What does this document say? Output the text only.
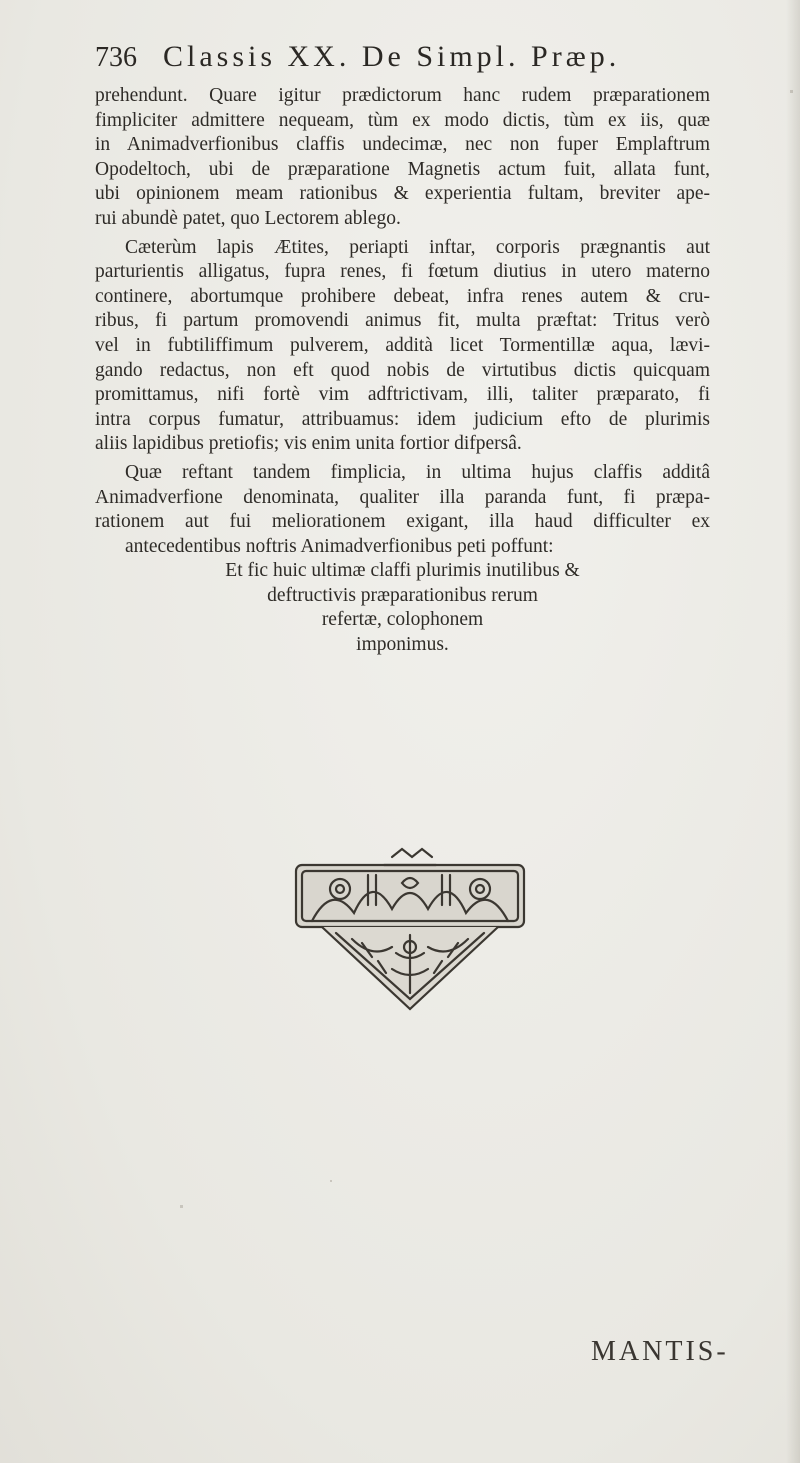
736 Classis XX. De Simpl. Præp.

prehendunt. Quare igitur prædictorum hanc rudem præparationem
fimpliciter admittere nequeam, tùm ex modo dictis, tùm ex iis, quæ
in Animadverfionibus claffis undecimæ, nec non fuper Emplaftrum
Opodeltoch, ubi de præparatione Magnetis actum fuit, allata funt,
ubi opinionem meam rationibus & experientia fultam, breviter ape-
rui abundè patet, quo Lectorem ablego.

Cæterùm lapis Ætites, periapti inftar, corporis prægnantis aut
parturientis alligatus, fupra renes, fi fœtum diutius in utero materno
continere, abortumque prohibere debeat, infra renes autem & cru-
ribus, fi partum promovendi animus fit, multa præftat: Tritus verò
vel in fubtiliffimum pulverem, addità licet Tormentillæ aqua, lævi-
gando redactus, non eft quod nobis de virtutibus dictis quicquam
promittamus, nifi fortè vim adftrictivam, illi, taliter præparato, fi
intra corpus fumatur, attribuamus: idem judicium efto de plurimis
aliis lapidibus pretiofis; vis enim unita fortior difpersâ.

Quæ reftant tandem fimplicia, in ultima hujus claffis additâ
Animadverfione denominata, qualiter illa paranda funt, fi præpa-
rationem aut fui meliorationem exigant, illa haud difficulter ex
antecedentibus noftris Animadverfionibus peti poffunt:

Et fic huic ultimæ claffi plurimis inutilibus &
deftructivis præparationibus rerum
refertæ, colophonem
imponimus.
MANTIS-
